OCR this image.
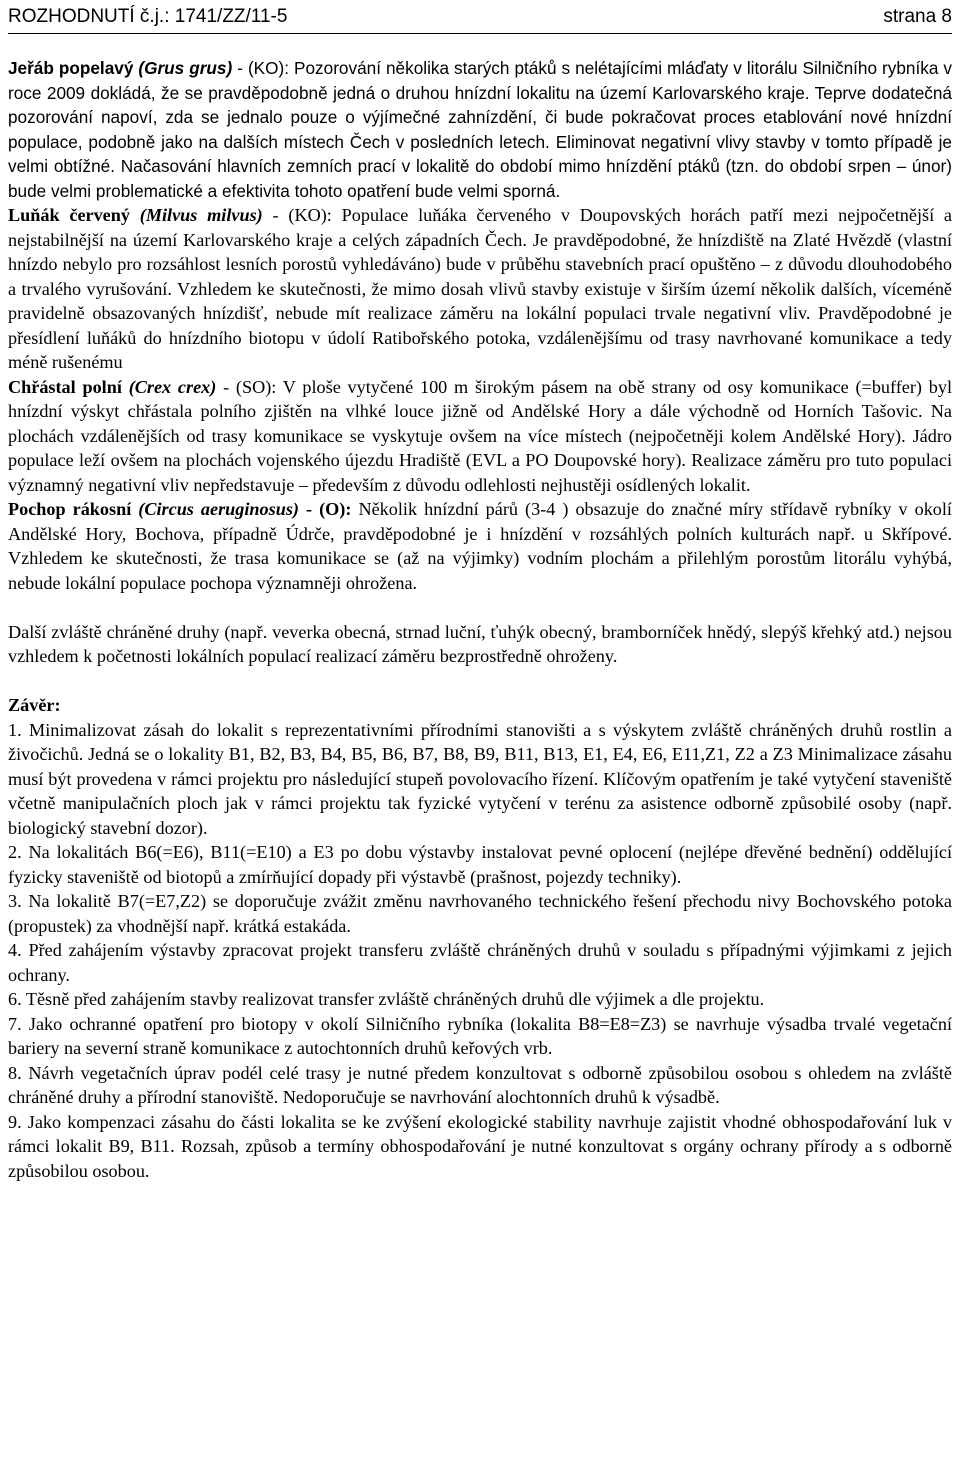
ROZHODNUTÍ č.j.: 1741/ZZ/11-5	strana 8

Jeřáb popelavý (Grus grus) - (KO): Pozorování několika starých ptáků s nelétajícími mláďaty v litorálu Silničního rybníka v roce 2009 dokládá, že se pravděpodobně jedná o druhou hnízdní lokalitu na území Karlovarského kraje. Teprve dodatečná pozorování napoví, zda se jednalo pouze o výjímečné zahnízdění, či bude pokračovat proces etablování nové hnízdní populace, podobně jako na dalších místech Čech v posledních letech. Eliminovat negativní vlivy stavby v tomto případě je velmi obtížné. Načasování hlavních zemních prací v lokalitě do období mimo hnízdění ptáků (tzn. do období srpen – únor) bude velmi problematické a efektivita tohoto opatření bude velmi sporná.

Luňák červený (Milvus milvus) - (KO): Populace luňáka červeného v Doupovských horách patří mezi nejpočetnější a nejstabilnější na území Karlovarského kraje a celých západních Čech. Je pravděpodobné, že hnízdiště na Zlaté Hvězdě (vlastní hnízdo nebylo pro rozsáhlost lesních porostů vyhledáváno) bude v průběhu stavebních prací opuštěno – z důvodu dlouhodobého a trvalého vyrušování. Vzhledem ke skutečnosti, že mimo dosah vlivů stavby existuje v širším území několik dalších, víceméně pravidelně obsazovaných hnízdišť, nebude mít realizace záměru na lokální populaci trvale negativní vliv. Pravděpodobné je přesídlení luňáků do hnízdního biotopu v údolí Ratibořského potoka, vzdálenějšímu od trasy navrhované komunikace a tedy méně rušenému

Chřástal polní (Crex crex) - (SO): V ploše vytyčené 100 m širokým pásem na obě strany od osy komunikace (=buffer) byl hnízdní výskyt chřástala polního zjištěn na vlhké louce jižně od Andělské Hory a dále východně od Horních Tašovic. Na plochách vzdálenějších od trasy komunikace se vyskytuje ovšem na více místech (nejpočetněji kolem Andělské Hory). Jádro populace leží ovšem na plochách vojenského újezdu Hradiště (EVL a PO Doupovské hory). Realizace záměru pro tuto populaci významný negativní vliv nepředstavuje – především z důvodu odlehlosti nejhustěji osídlených lokalit.

Pochop rákosní (Circus aeruginosus) - (O): Několik hnízdní párů (3-4 ) obsazuje do značné míry střídavě rybníky v okolí Andělské Hory, Bochova, případně Údrče, pravděpodobné je i hnízdění v rozsáhlých polních kulturách např. u Skřípové. Vzhledem ke skutečnosti, že trasa komunikace se (až na výjimky) vodním plochám a přilehlým porostům litorálu vyhýbá, nebude lokální populace pochopa významněji ohrožena.

Další zvláště chráněné druhy (např. veverka obecná, strnad luční, ťuhýk obecný, bramborníček hnědý, slepýš křehký atd.) nejsou vzhledem k početnosti lokálních populací realizací záměru bezprostředně ohroženy.

Závěr:

1. Minimalizovat zásah do lokalit s reprezentativními přírodními stanovišti a s výskytem zvláště chráněných druhů rostlin a živočichů. Jedná se o lokality B1, B2, B3, B4, B5, B6, B7, B8, B9, B11, B13, E1, E4, E6, E11,Z1, Z2 a Z3 Minimalizace zásahu musí být provedena v rámci projektu pro následující stupeň povolovacího řízení. Klíčovým opatřením je také vytyčení staveniště včetně manipulačních ploch jak v rámci projektu tak fyzické vytyčení v terénu za asistence odborně způsobilé osoby (např. biologický stavební dozor).

2. Na lokalitách B6(=E6), B11(=E10) a E3 po dobu výstavby instalovat pevné oplocení (nejlépe dřevěné bednění) oddělující fyzicky staveniště od biotopů a zmírňující dopady při výstavbě (prašnost, pojezdy techniky).

3. Na lokalitě B7(=E7,Z2) se doporučuje zvážit změnu navrhovaného technického řešení přechodu nivy Bochovského potoka (propustek) za vhodnější např. krátká estakáda.

4. Před zahájením výstavby zpracovat projekt transferu zvláště chráněných druhů v souladu s případnými výjimkami z jejich ochrany.

6. Těsně před zahájením stavby realizovat transfer zvláště chráněných druhů dle výjimek a dle projektu.

7. Jako ochranné opatření pro biotopy v okolí Silničního rybníka (lokalita B8=E8=Z3) se navrhuje výsadba trvalé vegetační bariery na severní straně komunikace z autochtonních druhů keřových vrb.

8. Návrh vegetačních úprav podél celé trasy je nutné předem konzultovat s odborně způsobilou osobou s ohledem na zvláště chráněné druhy a přírodní stanoviště. Nedoporučuje se navrhování alochtonních druhů k výsadbě.

9. Jako kompenzaci zásahu do části lokalita se ke zvýšení ekologické stability navrhuje zajistit vhodné obhospodařování luk v rámci lokalit B9, B11. Rozsah, způsob a termíny obhospodařování je nutné konzultovat s orgány ochrany přírody a s odborně způsobilou osobou.
